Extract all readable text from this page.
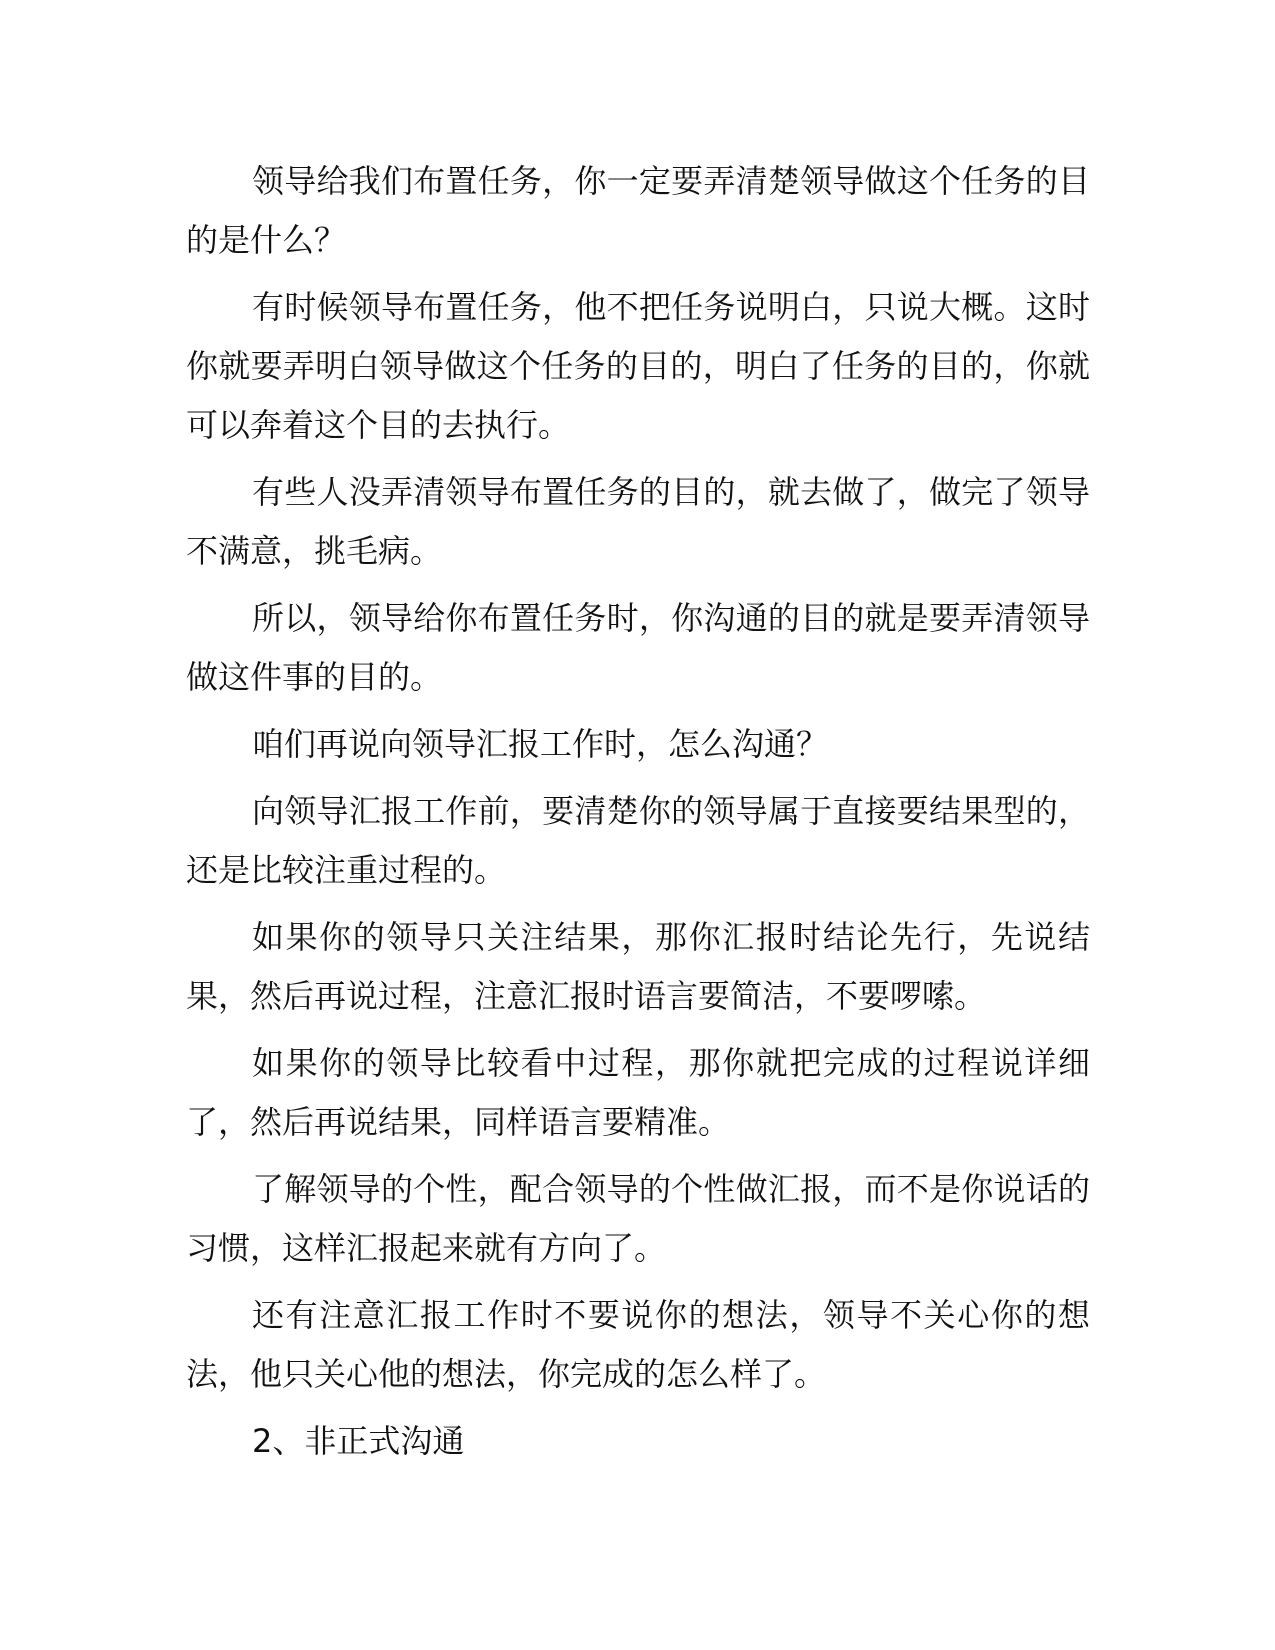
领导给我们布置任务，你一定要弄清楚领导做这个任务的目的是什么？

有时候领导布置任务，他不把任务说明白，只说大概。这时你就要弄明白领导做这个任务的目的，明白了任务的目的，你就可以奔着这个目的去执行。

有些人没弄清领导布置任务的目的，就去做了，做完了领导不满意，挑毛病。

所以，领导给你布置任务时，你沟通的目的就是要弄清领导做这件事的目的。

咱们再说向领导汇报工作时，怎么沟通？

向领导汇报工作前，要清楚你的领导属于直接要结果型的，还是比较注重过程的。

如果你的领导只关注结果，那你汇报时结论先行，先说结果，然后再说过程，注意汇报时语言要简洁，不要啰嗦。

如果你的领导比较看中过程，那你就把完成的过程说详细了，然后再说结果，同样语言要精准。

了解领导的个性，配合领导的个性做汇报，而不是你说话的习惯，这样汇报起来就有方向了。

还有注意汇报工作时不要说你的想法，领导不关心你的想法，他只关心他的想法，你完成的怎么样了。

2、非正式沟通
